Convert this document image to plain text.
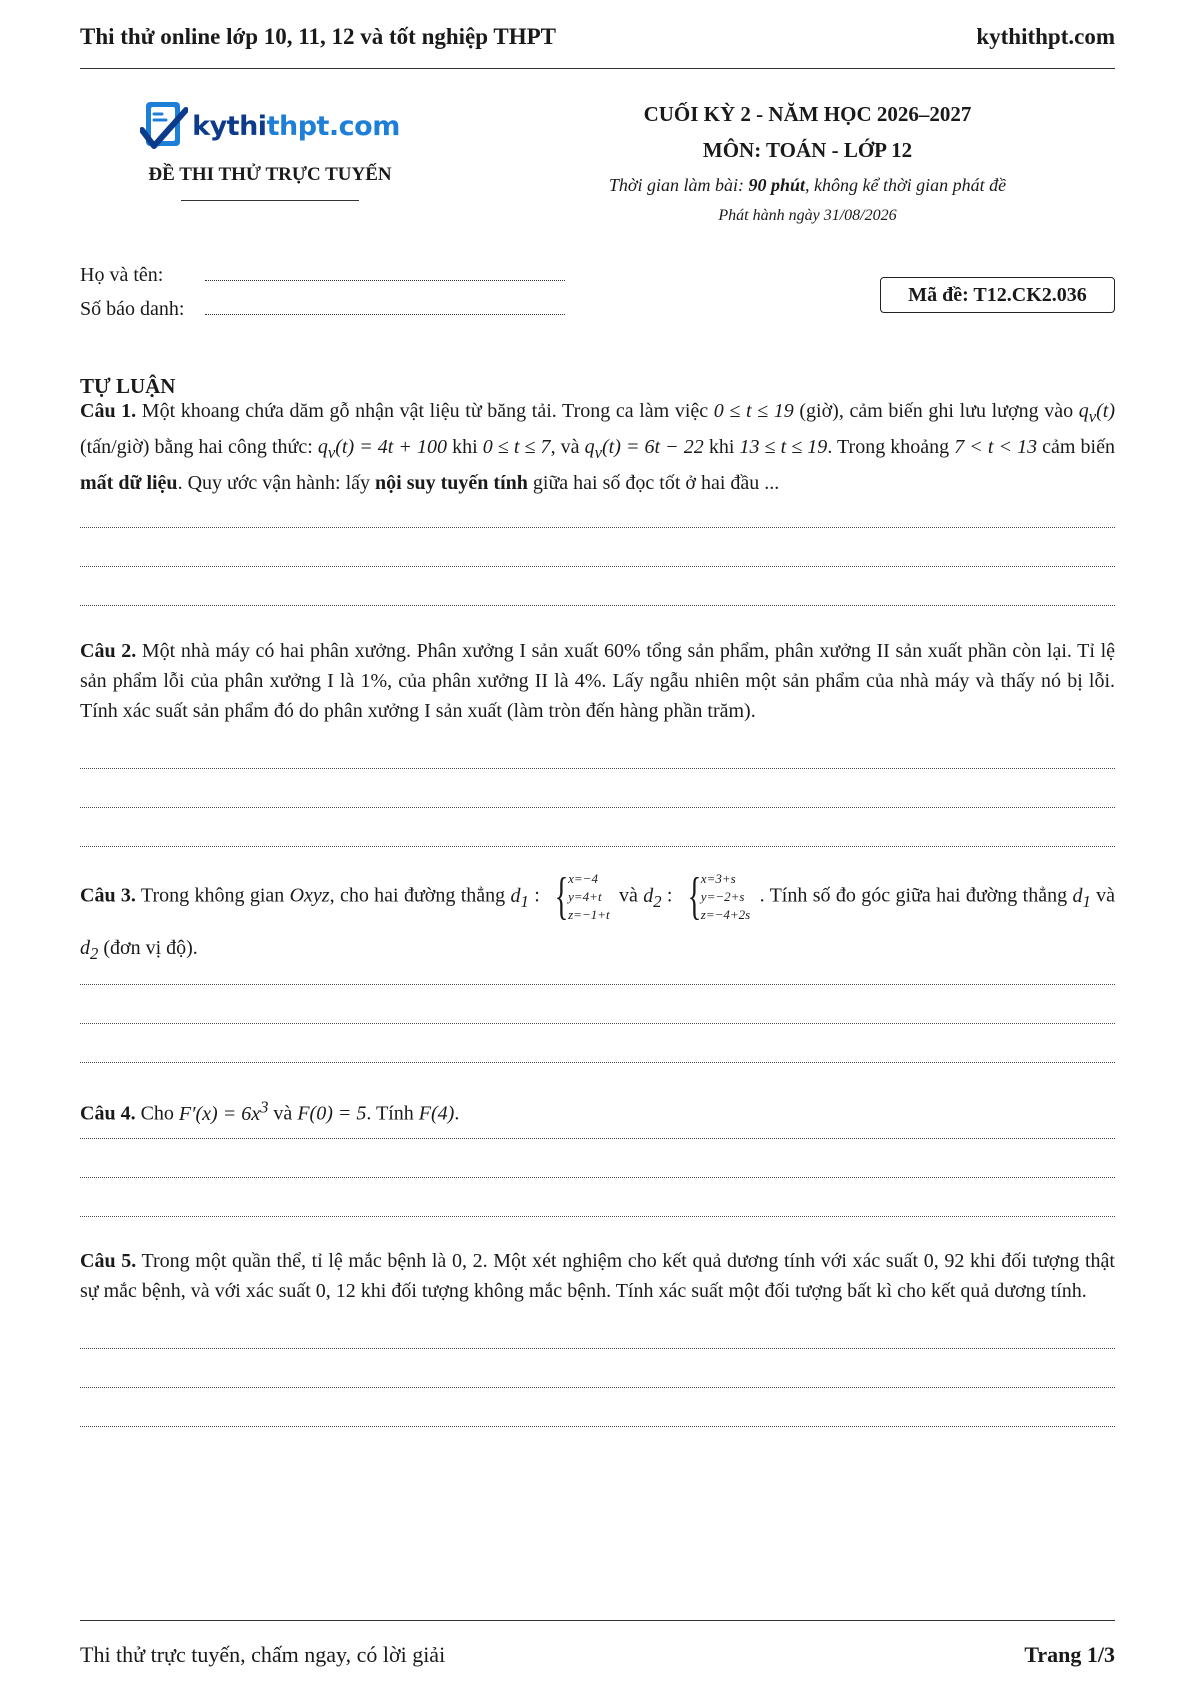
Thi thử online lớp 10, 11, 12 và tốt nghiệp THPT	kythithpt.com
kythithpt.com
ĐỀ THI THỬ TRỰC TUYẾN
CUỐI KỲ 2 - NĂM HỌC 2026–2027
MÔN: TOÁN - LỚP 12
Thời gian làm bài: 90 phút, không kể thời gian phát đề
Phát hành ngày 31/08/2026
Họ và tên:
Số báo danh:
Mã đề: T12.CK2.036
TỰ LUẬN
Câu 1. Một khoang chứa dăm gỗ nhận vật liệu từ băng tải. Trong ca làm việc 0 ≤ t ≤ 19 (giờ), cảm biến ghi lưu lượng vào $q_v(t)$ (tấn/giờ) bằng hai công thức: $q_v(t) = 4t + 100$ khi 0 ≤ t ≤ 7, và $q_v(t) = 6t - 22$ khi 13 ≤ t ≤ 19. Trong khoảng 7 < t < 13 cảm biến mất dữ liệu. Quy ước vận hành: lấy nội suy tuyến tính giữa hai số đọc tốt ở hai đầu ...
Câu 2. Một nhà máy có hai phân xưởng. Phân xưởng I sản xuất 60% tổng sản phẩm, phân xưởng II sản xuất phần còn lại. Tỉ lệ sản phẩm lỗi của phân xưởng I là 1%, của phân xưởng II là 4%. Lấy ngẫu nhiên một sản phẩm của nhà máy và thấy nó bị lỗi. Tính xác suất sản phẩm đó do phân xưởng I sản xuất (làm tròn đến hàng phần trăm).
Câu 3. Trong không gian Oxyz, cho hai đường thẳng $d_1$ : { x=−4
y=4+t
z=−1+t
và $d_2$ : { x=3+s
y=−2+s
z=−4+2s
. Tính số đo góc giữa hai đường thẳng $d_1$ và $d_2$ (đơn vị độ).
Câu 4. Cho $F'(x) = 6x^3$ và F(0) = 5. Tính F(4).
Câu 5. Trong một quần thể, tỉ lệ mắc bệnh là 0, 2. Một xét nghiệm cho kết quả dương tính với xác suất 0, 92 khi đối tượng thật sự mắc bệnh, và với xác suất 0, 12 khi đối tượng không mắc bệnh. Tính xác suất một đối tượng bất kì cho kết quả dương tính.
Thi thử trực tuyến, chấm ngay, có lời giải	Trang 1/3
